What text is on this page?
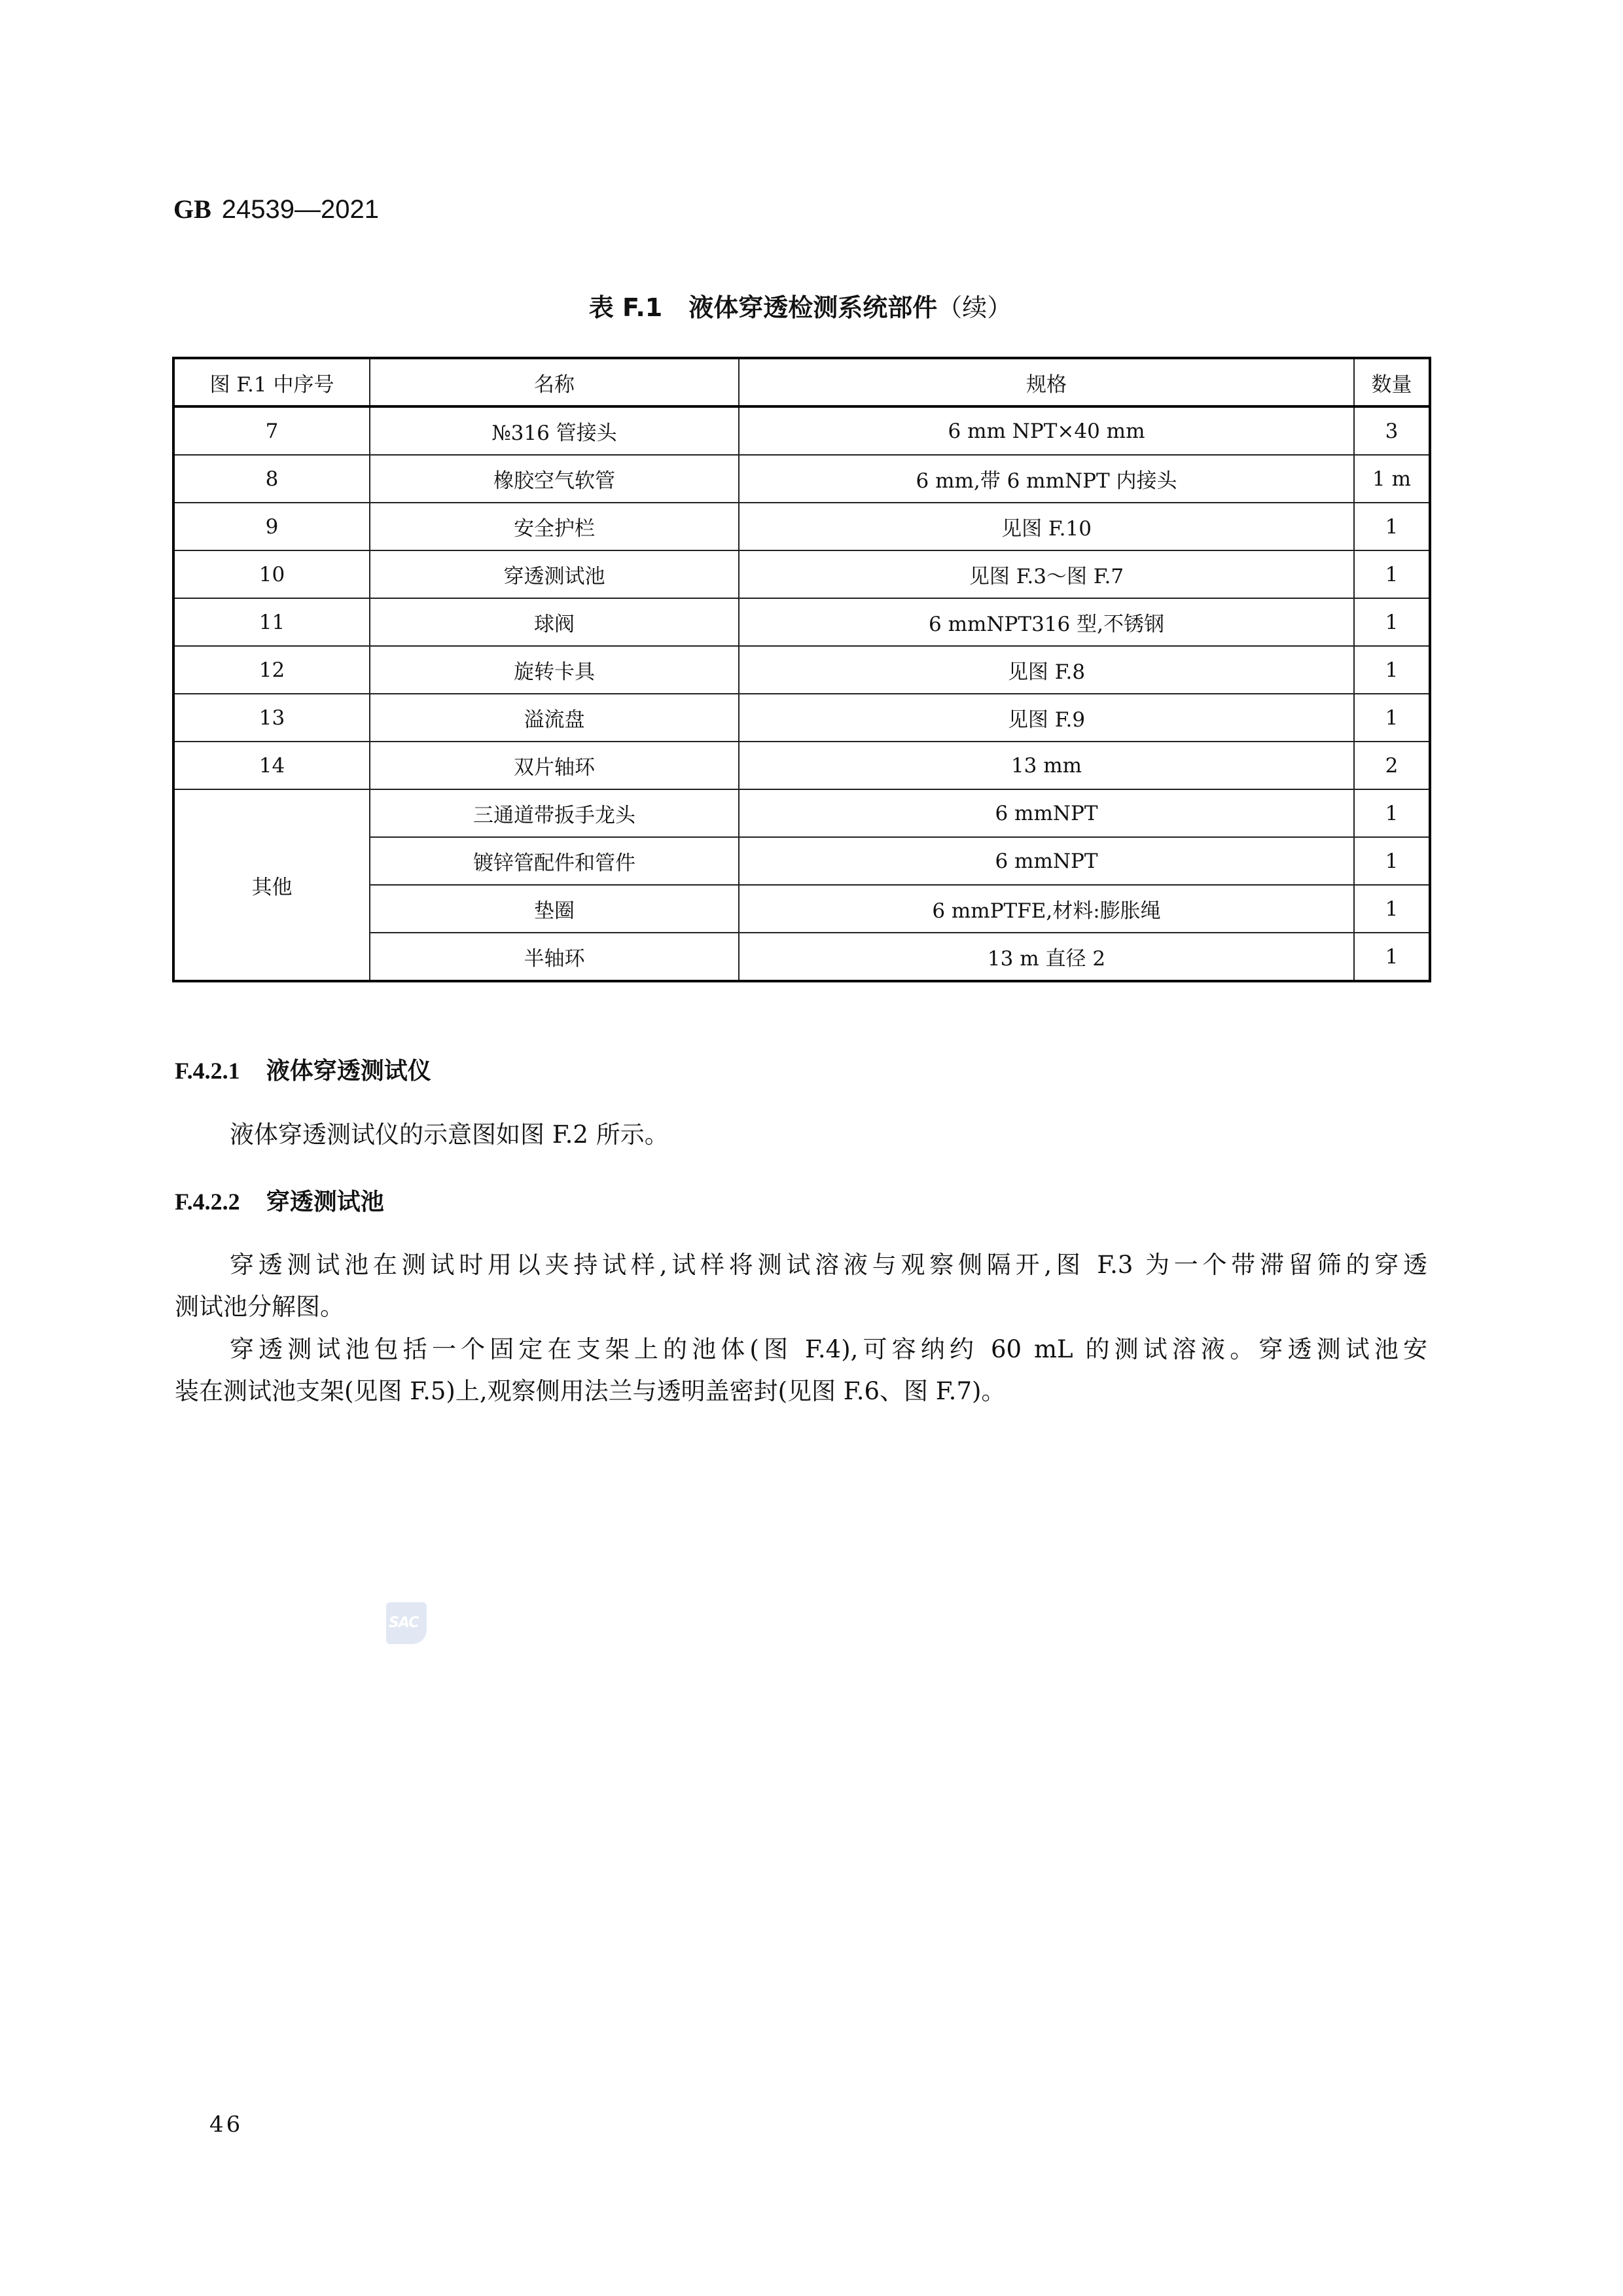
GB 24539—2021
表 F.1 液体穿透检测系统部件（续）
图 F.1 中序号	名称	规格	数量
7	№316 管接头	6 mm NPT×40 mm	3
8	橡胶空气软管	6 mm,带 6 mmNPT 内接头	1 m
9	安全护栏	见图 F.10	1
10	穿透测试池	见图 F.3～图 F.7	1
11	球阀	6 mmNPT316 型,不锈钢	1
12	旋转卡具	见图 F.8	1
13	溢流盘	见图 F.9	1
14	双片轴环	13 mm	2
其他	三通道带扳手龙头	6 mmNPT	1
	镀锌管配件和管件	6 mmNPT	1
	垫圈	6 mmPTFE,材料:膨胀绳	1
	半轴环	13 m 直径 2	1
F.4.2.1 液体穿透测试仪
液体穿透测试仪的示意图如图 F.2 所示。
F.4.2.2 穿透测试池
穿透测试池在测试时用以夹持试样,试样将测试溶液与观察侧隔开,图 F.3 为一个带滞留筛的穿透
测试池分解图。
穿透测试池包括一个固定在支架上的池体(图 F.4),可容纳约 60 mL 的测试溶液。穿透测试池安
装在测试池支架(见图 F.5)上,观察侧用法兰与透明盖密封(见图 F.6、图 F.7)。
SAC
46
